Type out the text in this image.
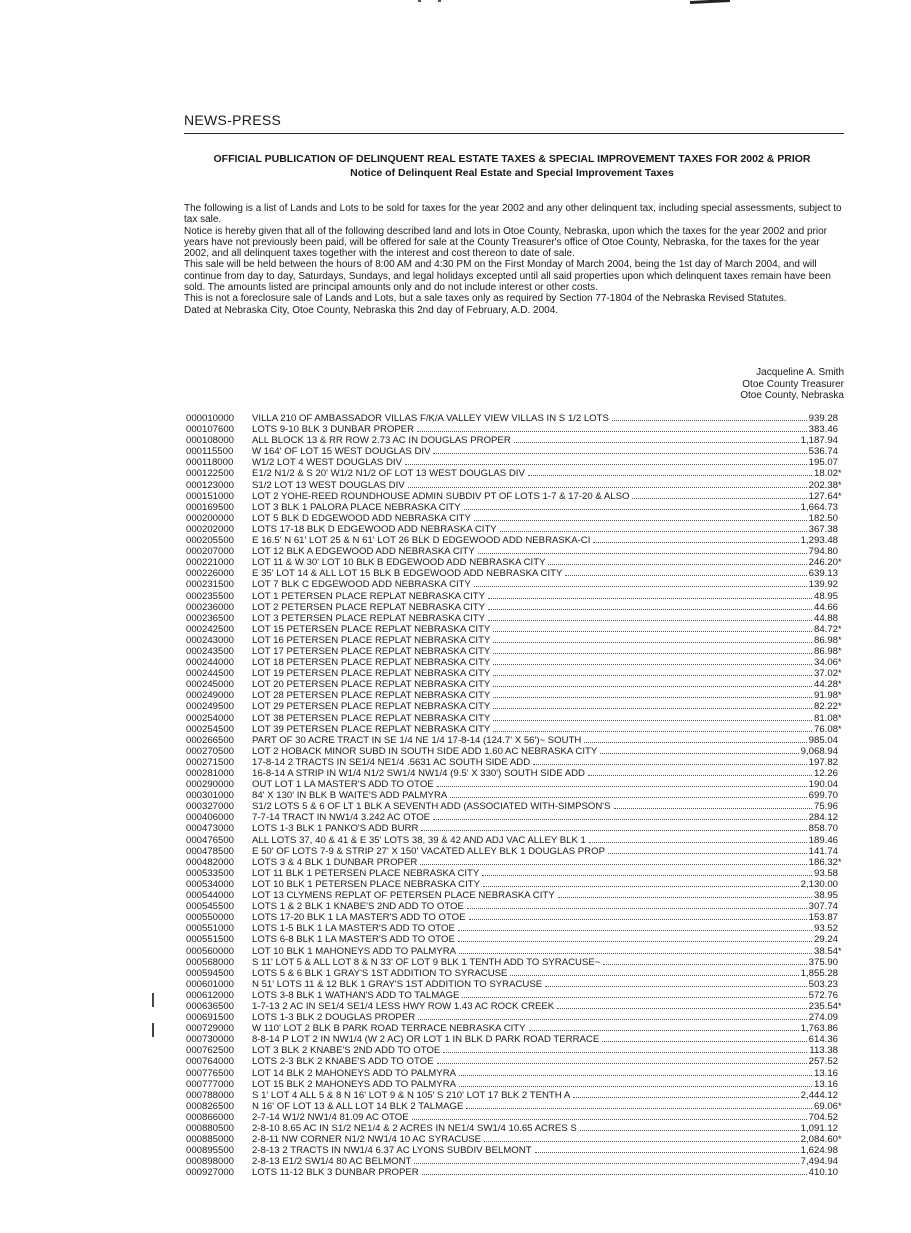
NEWS-PRESS

OFFICIAL PUBLICATION OF DELINQUENT REAL ESTATE TAXES & SPECIAL IMPROVEMENT TAXES FOR 2002 & PRIOR
Notice of Delinquent Real Estate and Special Improvement Taxes

The following is a list of Lands and Lots to be sold for taxes for the year 2002 and any other delinquent tax, including special assessments, subject to tax sale.

Notice is hereby given that all of the following described land and lots in Otoe County, Nebraska, upon which the taxes for the year 2002 and prior years have not previously been paid, will be offered for sale at the County Treasurer's office of Otoe County, Nebraska, for the taxes for the year 2002, and all delinquent taxes together with the interest and cost thereon to date of sale.

This sale will be held between the hours of 8:00 AM and 4:30 PM on the First Monday of March 2004, being the 1st day of March 2004, and will continue from day to day, Saturdays, Sundays, and legal holidays excepted until all said properties upon which delinquent taxes remain have been sold. The amounts listed are principal amounts only and do not include interest or other costs.

This is not a foreclosure sale of Lands and Lots, but a sale taxes only as required by Section 77-1804 of the Nebraska Revised Statutes.

Dated at Nebraska City, Otoe County, Nebraska this 2nd day of February, A.D. 2004.

Jacqueline A. Smith
Otoe County Treasurer
Otoe County, Nebraska
000010000	VILLA 210 OF AMBASSADOR VILLAS F/K/A VALLEY VIEW VILLAS IN S 1/2 LOTS	939.28
000107600	LOTS 9-10 BLK 3 DUNBAR PROPER	383.46
000108000	ALL BLOCK 13 & RR ROW 2.73 AC IN DOUGLAS PROPER	1,187.94
000115500	W 164' OF LOT 15 WEST DOUGLAS DIV	536.74
000118000	W1/2 LOT 4 WEST DOUGLAS DIV	195.07
000122500	E1/2 N1/2 & S 20' W1/2 N1/2 OF LOT 13 WEST DOUGLAS DIV	18.02 *
000123000	S1/2 LOT 13 WEST DOUGLAS DIV	202.38 *
000151000	LOT 2 YOHE-REED ROUNDHOUSE ADMIN SUBDIV PT OF LOTS 1-7 & 17-20 & ALSO	127.64 *
000169500	LOT 3 BLK 1 PALORA PLACE NEBRASKA CITY	1,664.73
000200000	LOT 5 BLK D EDGEWOOD ADD NEBRASKA CITY	182.50
000202000	LOTS 17-18 BLK D EDGEWOOD ADD NEBRASKA CITY	367.38
000205500	E 16.5' N 61' LOT 25 & N 61' LOT 26 BLK D EDGEWOOD ADD NEBRASKA-CI	1,293.48
000207000	LOT 12 BLK A EDGEWOOD ADD NEBRASKA CITY	794.80
000221000	LOT 11 & W 30' LOT 10 BLK B EDGEWOOD ADD NEBRASKA CITY	246.20 *
000226000	E 35' LOT 14 & ALL LOT 15 BLK B EDGEWOOD ADD NEBRASKA CITY	639.13
000231500	LOT 7 BLK C EDGEWOOD ADD NEBRASKA CITY	139.92
000235500	LOT 1 PETERSEN PLACE REPLAT NEBRASKA CITY	48.95
000236000	LOT 2 PETERSEN PLACE REPLAT NEBRASKA CITY	44.66
000236500	LOT 3 PETERSEN PLACE REPLAT NEBRASKA CITY	44.88
000242500	LOT 15 PETERSEN PLACE REPLAT NEBRASKA CITY	84.72 *
000243000	LOT 16 PETERSEN PLACE REPLAT NEBRASKA CITY	86.98 *
000243500	LOT 17 PETERSEN PLACE REPLAT NEBRASKA CITY	86.98 *
000244000	LOT 18 PETERSEN PLACE REPLAT NEBRASKA CITY	34.06 *
000244500	LOT 19 PETERSEN PLACE REPLAT NEBRASKA CITY	37.02 *
000245000	LOT 20 PETERSEN PLACE REPLAT NEBRASKA CITY	44.28 *
000249000	LOT 28 PETERSEN PLACE REPLAT NEBRASKA CITY	91.98 *
000249500	LOT 29 PETERSEN PLACE REPLAT NEBRASKA CITY	82.22 *
000254000	LOT 38 PETERSEN PLACE REPLAT NEBRASKA CITY	81.08 *
000254500	LOT 39 PETERSEN PLACE REPLAT NEBRASKA CITY	76.08 *
000266500	PART OF 30 ACRE TRACT IN SE 1/4 NE 1/4 17-8-14 (124.7' X 56')~ SOUTH	985.04
000270500	LOT 2 HOBACK MINOR SUBD IN SOUTH SIDE ADD 1.60 AC NEBRASKA CITY	9,068.94
000271500	17-8-14 2 TRACTS IN SE1/4 NE1/4 .5631 AC SOUTH SIDE ADD	197.82
000281000	16-8-14 A STRIP IN W1/4 N1/2 SW1/4 NW1/4 (9.5' X 330') SOUTH SIDE ADD	12.26
000290000	OUT LOT 1 LA MASTER'S ADD TO OTOE	190.04
000301000	84' X 130' IN BLK B WAITE'S ADD PALMYRA	699.70
000327000	S1/2 LOTS 5 & 6 OF LT 1 BLK A SEVENTH ADD (ASSOCIATED WITH-SIMPSON'S	75.96
000406000	7-7-14 TRACT IN NW1/4 3.242 AC OTOE	284.12
000473000	LOTS 1-3 BLK 1 PANKO'S ADD BURR	858.70
000476500	ALL LOTS 37, 40 & 41 & E 35' LOTS 38, 39 & 42 AND ADJ VAC ALLEY BLK 1	189.46
000478500	E 50' OF LOTS 7-9 & STRIP 27' X 150' VACATED ALLEY BLK 1 DOUGLAS PROP	141.74
000482000	LOTS 3 & 4 BLK 1 DUNBAR PROPER	186.32 *
000533500	LOT 11 BLK 1 PETERSEN PLACE NEBRASKA CITY	93.58
000534000	LOT 10 BLK 1 PETERSEN PLACE NEBRASKA CITY	2,130.00
000544000	LOT 13 CLYMENS REPLAT OF PETERSEN PLACE NEBRASKA CITY	38.95
000545500	LOTS 1 & 2 BLK 1 KNABE'S 2ND ADD TO OTOE	307.74
000550000	LOTS 17-20 BLK 1 LA MASTER'S ADD TO OTOE	153.87
000551000	LOTS 1-5 BLK 1 LA MASTER'S ADD TO OTOE	93.52
000551500	LOTS 6-8 BLK 1 LA MASTER'S ADD TO OTOE	29.24
000560000	LOT 10 BLK 1 MAHONEYS ADD TO PALMYRA	38.54 *
000568000	S 11' LOT 5 & ALL LOT 8 & N 33' OF LOT 9 BLK 1 TENTH ADD TO SYRACUSE~	375.90
000594500	LOTS 5 & 6 BLK 1 GRAY'S 1ST ADDITION TO SYRACUSE	1,855.28
000601000	N 51' LOTS 11 & 12 BLK 1 GRAY'S 1ST ADDITION TO SYRACUSE	503.23
000612000	LOTS 3-8 BLK 1 WATHAN'S ADD TO TALMAGE	572.76
000636500	1-7-13 2 AC IN SE1/4 SE1/4 LESS HWY ROW 1.43 AC ROCK CREEK	235.54 *
000691500	LOTS 1-3 BLK 2 DOUGLAS PROPER	274.09
000729000	W 110' LOT 2 BLK B PARK ROAD TERRACE NEBRASKA CITY	1,763.86
000730000	8-8-14 P LOT 2 IN NW1/4 (W 2 AC) OR LOT 1 IN BLK D PARK ROAD TERRACE	614.36
000762500	LOT 3 BLK 2 KNABE'S 2ND ADD TO OTOE	113.38
000764000	LOTS 2-3 BLK 2 KNABE'S ADD TO OTOE	257.52
000776500	LOT 14 BLK 2 MAHONEYS ADD TO PALMYRA	13.16
000777000	LOT 15 BLK 2 MAHONEYS ADD TO PALMYRA	13.16
000788000	S 1' LOT 4 ALL 5 & 8 N 16' LOT 9 & N 105' S 210' LOT 17 BLK 2 TENTH A	2,444.12
000826500	N 16' OF LOT 13 & ALL LOT 14 BLK 2 TALMAGE	69.06 *
000866000	2-7-14 W1/2 NW1/4 81.09 AC OTOE	704.52
000880500	2-8-10 8.65 AC IN S1/2 NE1/4 & 2 ACRES IN NE1/4 SW1/4 10.65 ACRES S	1,091.12
000885000	2-8-11 NW CORNER N1/2 NW1/4 10 AC SYRACUSE	2,084.60 *
000895500	2-8-13 2 TRACTS IN NW1/4 6.37 AC LYONS SUBDIV BELMONT	1,624.98
000898000	2-8-13 E1/2 SW1/4 80 AC BELMONT	7,494.94
000927000	LOTS 11-12 BLK 3 DUNBAR PROPER	410.10
